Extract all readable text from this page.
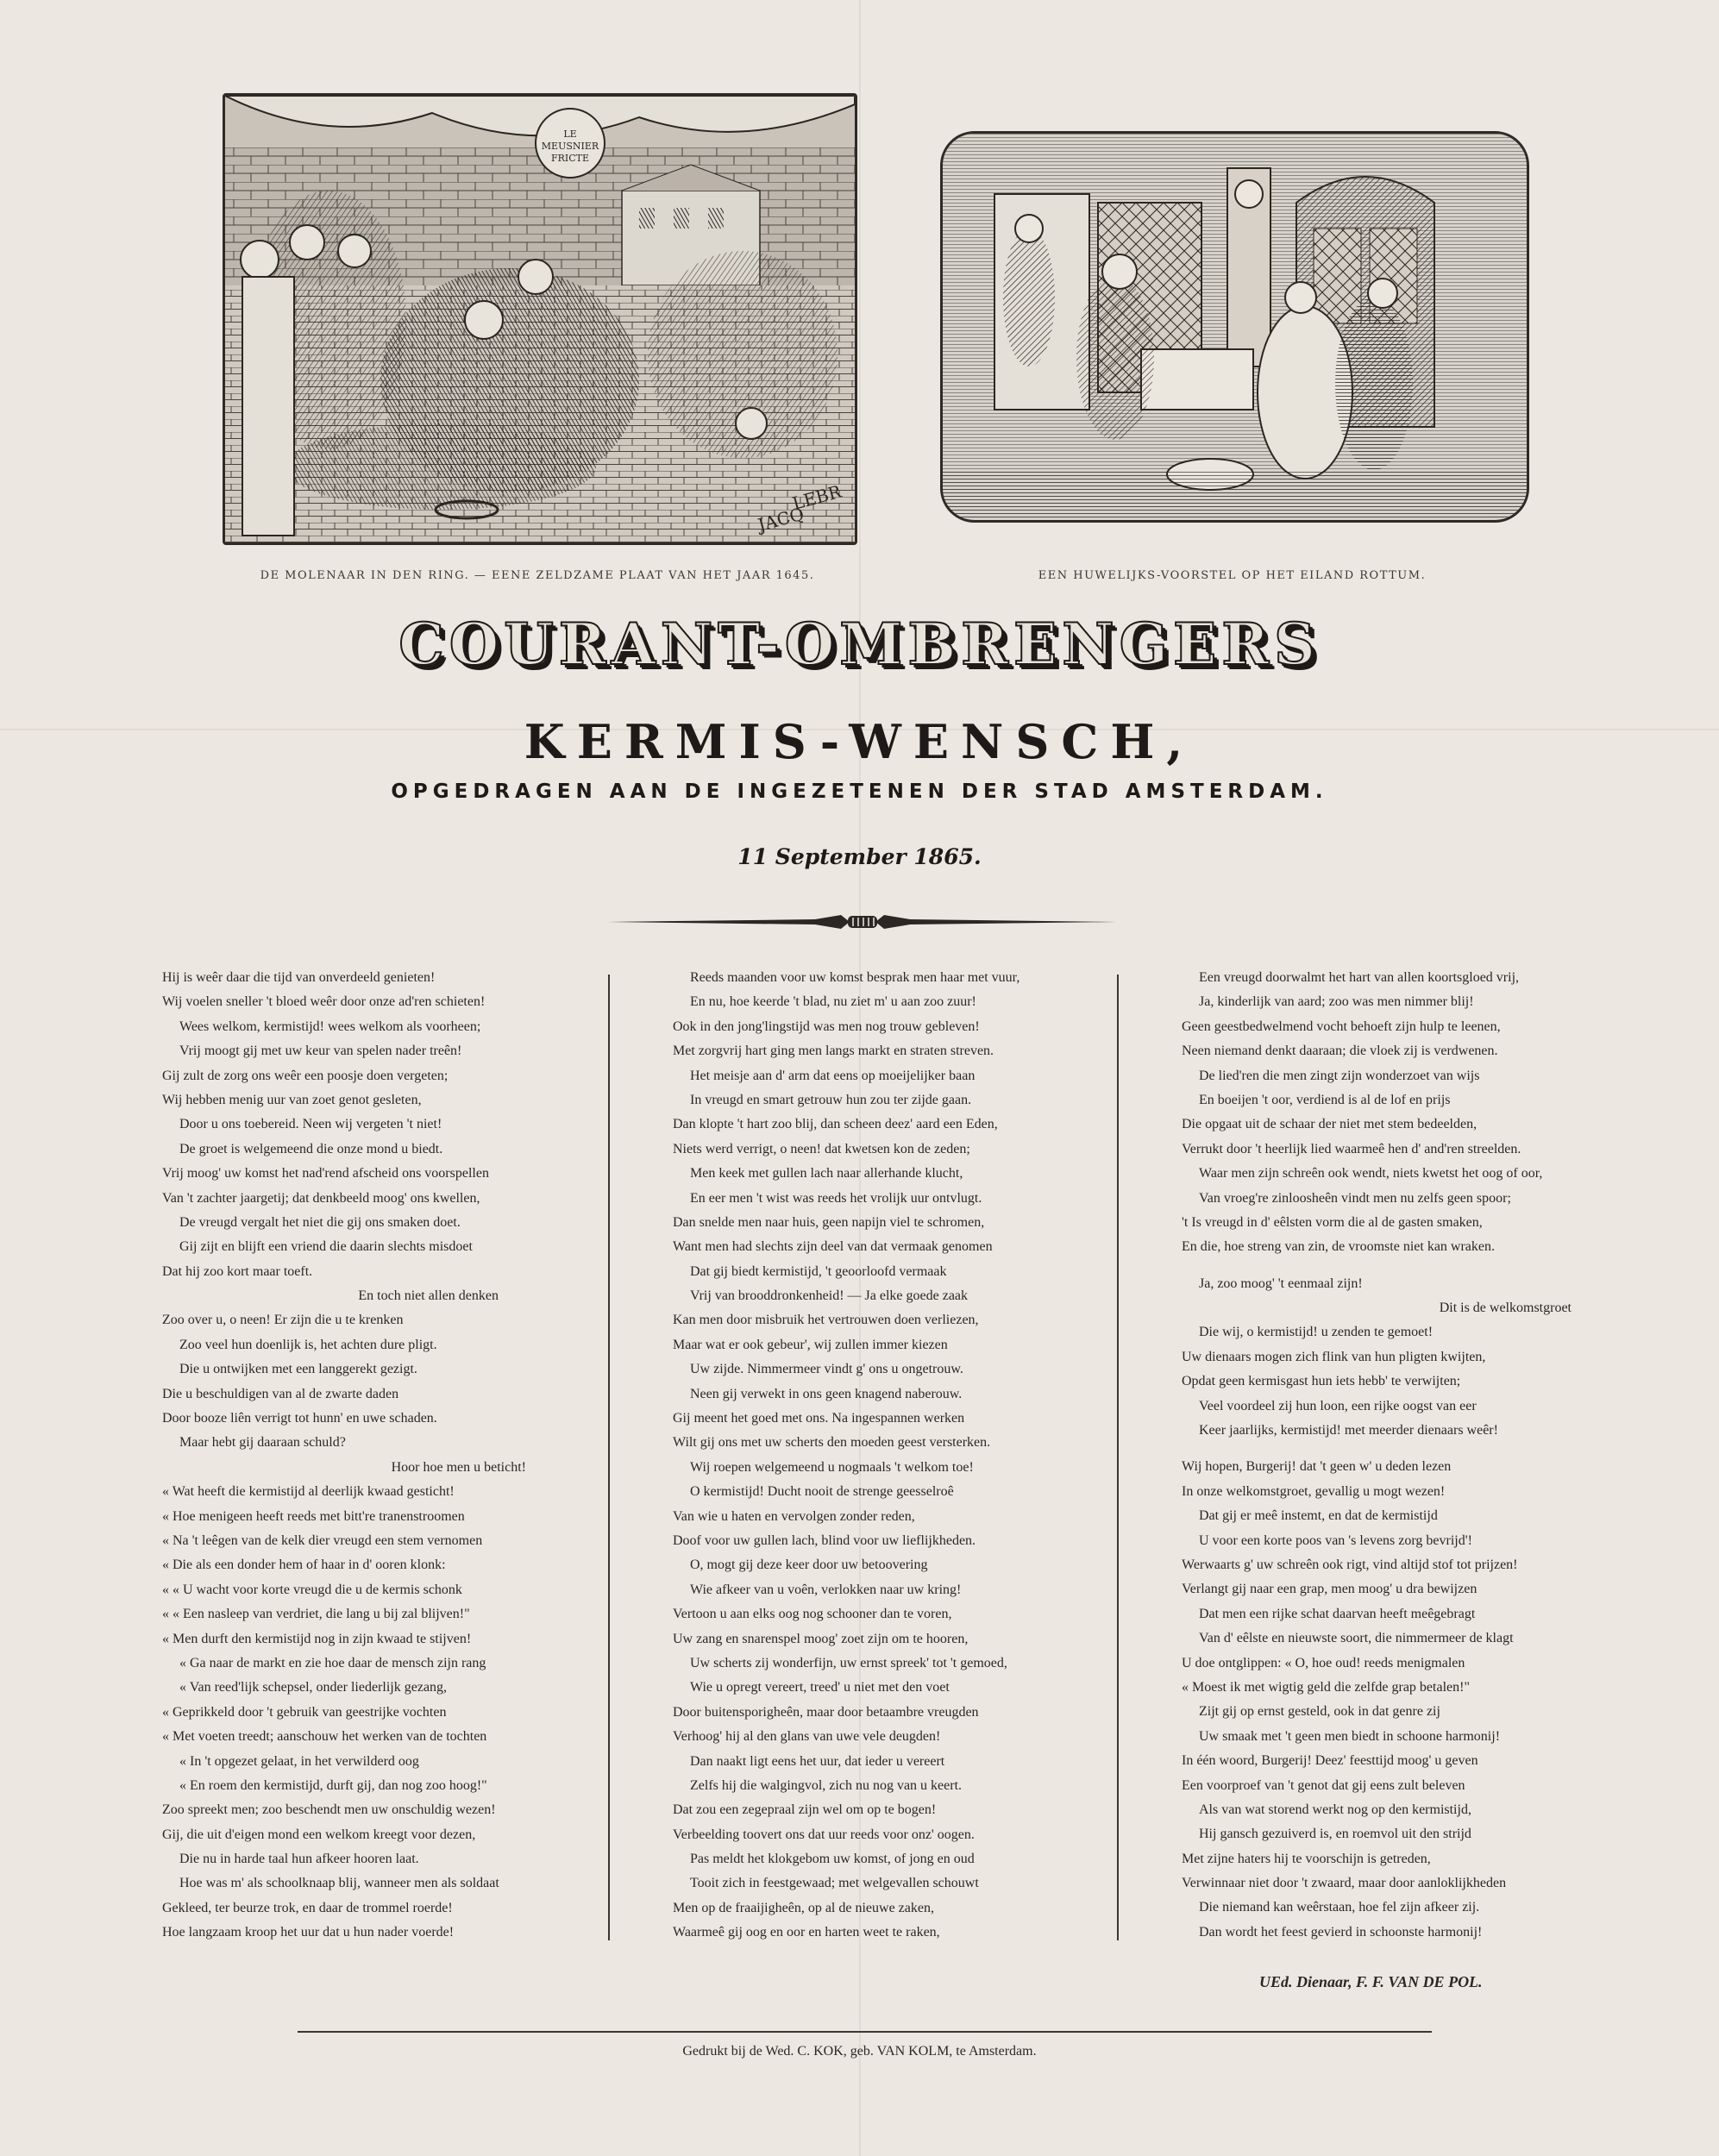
LE
MEUSNIER
FRICTE
LEBR
JACQ
DE MOLENAAR IN DEN RING. — EENE ZELDZAME PLAAT VAN HET JAAR 1645.	EEN HUWELIJKS-VOORSTEL OP HET EILAND ROTTUM.
COURANT-OMBRENGERS
KERMIS-WENSCH,
OPGEDRAGEN AAN DE INGEZETENEN DER STAD AMSTERDAM.
11 September 1865.
Hij is weêr daar die tijd van onverdeeld genieten!
Wij voelen sneller 't bloed weêr door onze ad'ren schieten!
Wees welkom, kermistijd! wees welkom als voorheen;
Vrij moogt gij met uw keur van spelen nader treên!
Gij zult de zorg ons weêr een poosje doen vergeten;
Wij hebben menig uur van zoet genot gesleten,
Door u ons toebereid. Neen wij vergeten 't niet!
De groet is welgemeend die onze mond u biedt.
Vrij moog' uw komst het nad'rend afscheid ons voorspellen
Van 't zachter jaargetij; dat denkbeeld moog' ons kwellen,
De vreugd vergalt het niet die gij ons smaken doet.
Gij zijt en blijft een vriend die daarin slechts misdoet
Dat hij zoo kort maar toeft.
En toch niet allen denken
Zoo over u, o neen! Er zijn die u te krenken
Zoo veel hun doenlijk is, het achten dure pligt.
Die u ontwijken met een langgerekt gezigt.
Die u beschuldigen van al de zwarte daden
Door booze liên verrigt tot hunn' en uwe schaden.
Maar hebt gij daaraan schuld?
Hoor hoe men u beticht!
« Wat heeft die kermistijd al deerlijk kwaad gesticht!
« Hoe menigeen heeft reeds met bitt're tranenstroomen
« Na 't leêgen van de kelk dier vreugd een stem vernomen
« Die als een donder hem of haar in d' ooren klonk:
« « U wacht voor korte vreugd die u de kermis schonk
« « Een nasleep van verdriet, die lang u bij zal blijven!"
« Men durft den kermistijd nog in zijn kwaad te stijven!
« Ga naar de markt en zie hoe daar de mensch zijn rang
« Van reed'lijk schepsel, onder liederlijk gezang,
« Geprikkeld door 't gebruik van geestrijke vochten
« Met voeten treedt; aanschouw het werken van de tochten
« In 't opgezet gelaat, in het verwilderd oog
« En roem den kermistijd, durft gij, dan nog zoo hoog!"
Zoo spreekt men; zoo beschendt men uw onschuldig wezen!
Gij, die uit d'eigen mond een welkom kreegt voor dezen,
Die nu in harde taal hun afkeer hooren laat.
Hoe was m' als schoolknaap blij, wanneer men als soldaat
Gekleed, ter beurze trok, en daar de trommel roerde!
Hoe langzaam kroop het uur dat u hun nader voerde!
Reeds maanden voor uw komst besprak men haar met vuur,
En nu, hoe keerde 't blad, nu ziet m' u aan zoo zuur!
Ook in den jong'lingstijd was men nog trouw gebleven!
Met zorgvrij hart ging men langs markt en straten streven.
Het meisje aan d' arm dat eens op moeijelijker baan
In vreugd en smart getrouw hun zou ter zijde gaan.
Dan klopte 't hart zoo blij, dan scheen deez' aard een Eden,
Niets werd verrigt, o neen! dat kwetsen kon de zeden;
Men keek met gullen lach naar allerhande klucht,
En eer men 't wist was reeds het vrolijk uur ontvlugt.
Dan snelde men naar huis, geen napijn viel te schromen,
Want men had slechts zijn deel van dat vermaak genomen
Dat gij biedt kermistijd, 't geoorloofd vermaak
Vrij van brooddronkenheid! — Ja elke goede zaak
Kan men door misbruik het vertrouwen doen verliezen,
Maar wat er ook gebeur', wij zullen immer kiezen
Uw zijde. Nimmermeer vindt g' ons u ongetrouw.
Neen gij verwekt in ons geen knagend naberouw.
Gij meent het goed met ons. Na ingespannen werken
Wilt gij ons met uw scherts den moeden geest versterken.
Wij roepen welgemeend u nogmaals 't welkom toe!
O kermistijd! Ducht nooit de strenge geesselroê
Van wie u haten en vervolgen zonder reden,
Doof voor uw gullen lach, blind voor uw lieflijkheden.
O, mogt gij deze keer door uw betoovering
Wie afkeer van u voên, verlokken naar uw kring!
Vertoon u aan elks oog nog schooner dan te voren,
Uw zang en snarenspel moog' zoet zijn om te hooren,
Uw scherts zij wonderfijn, uw ernst spreek' tot 't gemoed,
Wie u opregt vereert, treed' u niet met den voet
Door buitensporigheên, maar door betaambre vreugden
Verhoog' hij al den glans van uwe vele deugden!
Dan naakt ligt eens het uur, dat ieder u vereert
Zelfs hij die walgingvol, zich nu nog van u keert.
Dat zou een zegepraal zijn wel om op te bogen!
Verbeelding toovert ons dat uur reeds voor onz' oogen.
Pas meldt het klokgebom uw komst, of jong en oud
Tooit zich in feestgewaad; met welgevallen schouwt
Men op de fraaijigheên, op al de nieuwe zaken,
Waarmeê gij oog en oor en harten weet te raken,
Een vreugd doorwalmt het hart van allen koortsgloed vrij,
Ja, kinderlijk van aard; zoo was men nimmer blij!
Geen geestbedwelmend vocht behoeft zijn hulp te leenen,
Neen niemand denkt daaraan; die vloek zij is verdwenen.
De lied'ren die men zingt zijn wonderzoet van wijs
En boeijen 't oor, verdiend is al de lof en prijs
Die opgaat uit de schaar der niet met stem bedeelden,
Verrukt door 't heerlijk lied waarmeê hen d' and'ren streelden.
Waar men zijn schreên ook wendt, niets kwetst het oog of oor,
Van vroeg're zinloosheên vindt men nu zelfs geen spoor;
't Is vreugd in d' eêlsten vorm die al de gasten smaken,
En die, hoe streng van zin, de vroomste niet kan wraken.
Ja, zoo moog' 't eenmaal zijn!
Dit is de welkomstgroet
Die wij, o kermistijd! u zenden te gemoet!
Uw dienaars mogen zich flink van hun pligten kwijten,
Opdat geen kermisgast hun iets hebb' te verwijten;
Veel voordeel zij hun loon, een rijke oogst van eer
Keer jaarlijks, kermistijd! met meerder dienaars weêr!
Wij hopen, Burgerij! dat 't geen w' u deden lezen
In onze welkomstgroet, gevallig u mogt wezen!
Dat gij er meê instemt, en dat de kermistijd
U voor een korte poos van 's levens zorg bevrijd'!
Werwaarts g' uw schreên ook rigt, vind altijd stof tot prijzen!
Verlangt gij naar een grap, men moog' u dra bewijzen
Dat men een rijke schat daarvan heeft meêgebragt
Van d' eêlste en nieuwste soort, die nimmermeer de klagt
U doe ontglippen: « O, hoe oud! reeds menigmalen
« Moest ik met wigtig geld die zelfde grap betalen!"
Zijt gij op ernst gesteld, ook in dat genre zij
Uw smaak met 't geen men biedt in schoone harmonij!
In één woord, Burgerij! Deez' feesttijd moog' u geven
Een voorproef van 't genot dat gij eens zult beleven
Als van wat storend werkt nog op den kermistijd,
Hij gansch gezuiverd is, en roemvol uit den strijd
Met zijne haters hij te voorschijn is getreden,
Verwinnaar niet door 't zwaard, maar door aanloklijkheden
Die niemand kan weêrstaan, hoe fel zijn afkeer zij.
Dan wordt het feest gevierd in schoonste harmonij!
UEd. Dienaar, F. F. VAN DE POL.
Gedrukt bij de Wed. C. KOK, geb. VAN KOLM, te Amsterdam.
